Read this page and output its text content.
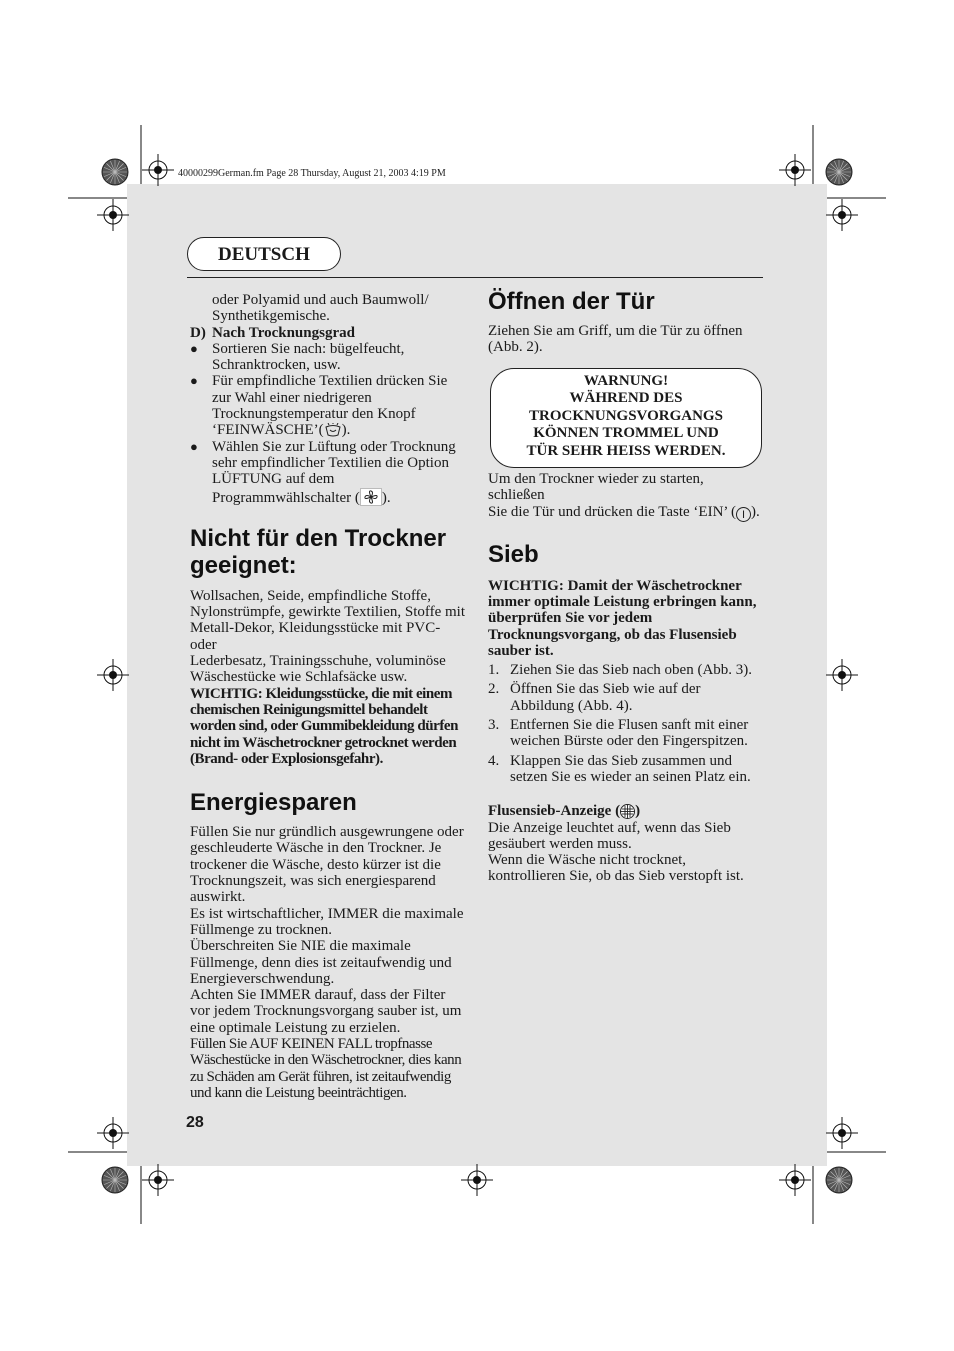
40000299German.fm Page 28 Thursday, August 21, 2003 4:19 PM
DEUTSCH

oder Polyamid und auch Baumwoll/
Synthetikgemische.

D) Nach Trocknungsgrad
● Sortieren Sie nach: bügelfeucht,
Schranktrocken, usw.
● Für empfindliche Textilien drücken Sie
zur Wahl einer niedrigeren
Trocknungstemperatur den Knopf
‘FEINWÄSCHE’( ).
● Wählen Sie zur Lüftung oder Trocknung
sehr empfindlicher Textilien die Option
LÜFTUNG auf dem
Programmwählschalter ( ).
Nicht für den Trockner
geeignet:

Wollsachen, Seide, empfindliche Stoffe,
Nylonstrümpfe, gewirkte Textilien, Stoffe mit
Metall-Dekor, Kleidungsstücke mit PVC- oder
Lederbesatz, Trainingsschuhe, voluminöse
Wäschestücke wie Schlafsäcke usw.

WICHTIG: Kleidungsstücke, die mit einem
chemischen Reinigungsmittel behandelt
worden sind, oder Gummibekleidung dürfen
nicht im Wäschetrockner getrocknet werden
(Brand- oder Explosionsgefahr).

Energiesparen

Füllen Sie nur gründlich ausgewrungene oder
geschleuderte Wäsche in den Trockner. Je
trockener die Wäsche, desto kürzer ist die
Trocknungszeit, was sich energiesparend
auswirkt.

Es ist wirtschaftlicher, IMMER die maximale
Füllmenge zu trocknen.

Überschreiten Sie NIE die maximale
Füllmenge, denn dies ist zeitaufwendig und
Energieverschwendung.

Achten Sie IMMER darauf, dass der Filter
vor jedem Trocknungsvorgang sauber ist, um
eine optimale Leistung zu erzielen.

Füllen Sie AUF KEINEN FALL tropfnasse
Wäschestücke in den Wäschetrockner, dies kann
zu Schäden am Gerät führen, ist zeitaufwendig
und kann die Leistung beeinträchtigen.

Öffnen der Tür

Ziehen Sie am Griff, um die Tür zu öffnen
(Abb. 2).

WARNUNG!
WÄHREND DES
TROCKNUNGSVORGANGS
KÖNNEN TROMMEL UND
TÜR SEHR HEISS WERDEN.

Um den Trockner wieder zu starten, schließen
Sie die Tür und drücken die Taste ‘EIN’ ( I ).

Sieb

WICHTIG: Damit der Wäschetrockner
immer optimale Leistung erbringen kann,
überprüfen Sie vor jedem
Trocknungsvorgang, ob das Flusensieb
sauber ist.

1. Ziehen Sie das Sieb nach oben (Abb. 3).
2. Öffnen Sie das Sieb wie auf der
Abbildung (Abb. 4).
3. Entfernen Sie die Flusen sanft mit einer
weichen Bürste oder den Fingerspitzen.
4. Klappen Sie das Sieb zusammen und
setzen Sie es wieder an seinen Platz ein.

Flusensieb-Anzeige ( )

Die Anzeige leuchtet auf, wenn das Sieb
gesäubert werden muss.
Wenn die Wäsche nicht trocknet,
kontrollieren Sie, ob das Sieb verstopft ist.

28
